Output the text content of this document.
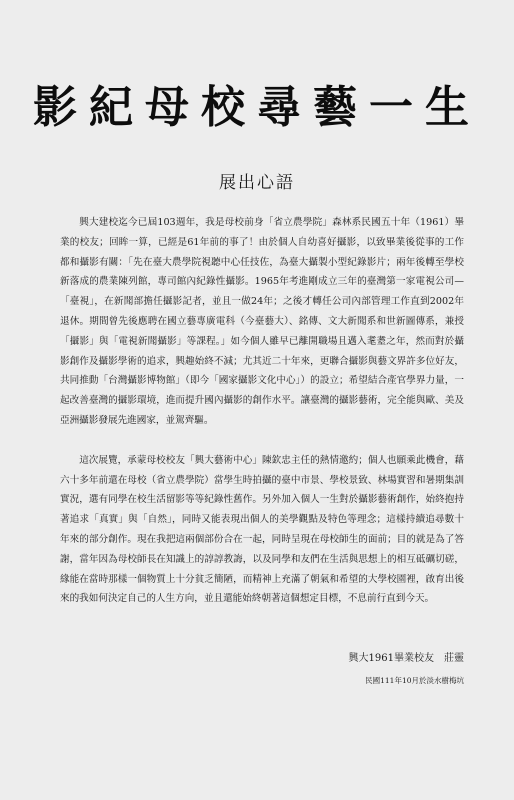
影紀母校尋藝一生
展出心語

興大建校迄今已屆103週年，我是母校前身「省立農學院」森林系民國五十年（1961）畢業的校友；回眸一算，已經是61年前的事了！由於個人自幼喜好攝影，以致畢業後從事的工作都和攝影有關：「先在臺大農學院視聽中心任技佐，為臺大攝製小型紀錄影片；兩年後轉至學校新落成的農業陳列館，專司館內紀錄性攝影。1965年考進剛成立三年的臺灣第一家電視公司—「臺視」，在新聞部擔任攝影記者，並且一做24年；之後才轉任公司內部管理工作直到2002年退休。期間曾先後應聘在國立藝專廣電科（今臺藝大）、銘傳、文大新聞系和世新圖傳系，兼授「攝影」與「電視新聞攝影」等課程。」如今個人雖早已離開職場且邁入耄耋之年，然而對於攝影創作及攝影學術的追求，興趣始終不減；尤其近二十年來，更聯合攝影與藝文界許多位好友，共同推動「台灣攝影博物館」（即今「國家攝影文化中心」）的設立；希望結合產官學界力量，一起改善臺灣的攝影環境，進而提升國內攝影的創作水平。讓臺灣的攝影藝術，完全能與歐、美及亞洲攝影發展先進國家，並駕齊驅。

這次展覽，承蒙母校校友「興大藝術中心」陳欽忠主任的熱情邀約；個人也願乘此機會，藉六十多年前還在母校（省立農學院）當學生時拍攝的臺中市景、學校景致、林場實習和暑期集訓實況，選有同學在校生活留影等等紀錄性舊作。另外加入個人一生對於攝影藝術創作，始終抱持著追求「真實」與「自然」，同時又能表現出個人的美學觀點及特色等理念；這樣持續追尋數十年來的部分創作。現在我把這兩個部份合在一起，同時呈現在母校師生的面前；目的就是為了答謝，當年因為母校師長在知識上的諄諄教誨，以及同學和友們在生活與思想上的相互砥礪切磋，緣能在當時那樣一個物質上十分貧乏簡陋，而精神上充滿了朝氣和希望的大學校園裡，啟育出後來的我如何決定自己的人生方向，並且還能始終朝著這個想定目標，不息前行直到今天。

興大1961畢業校友　莊靈
民國111年10月於淡水樹梅坑
